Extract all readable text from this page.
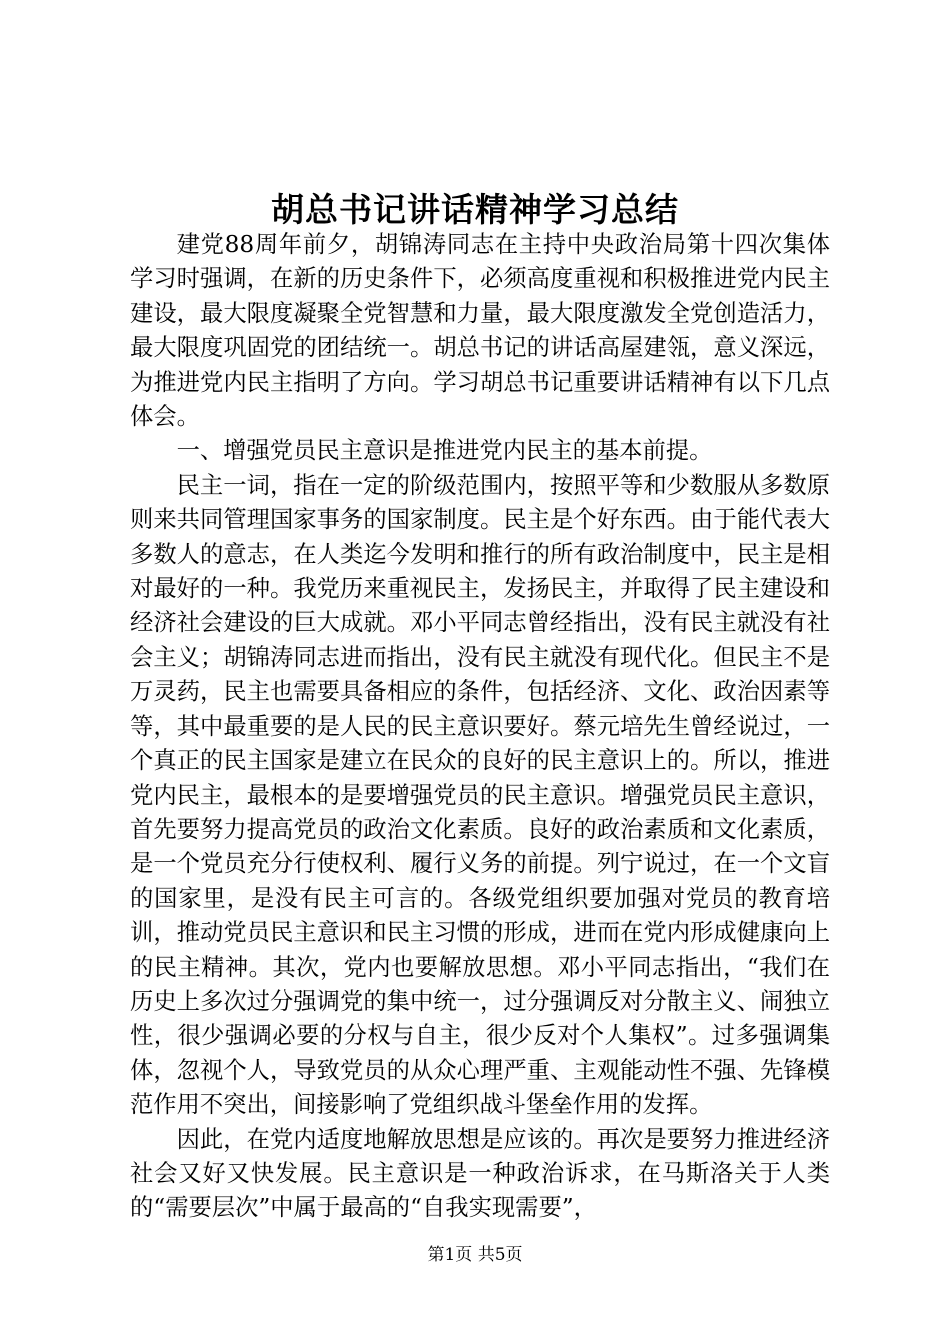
胡总书记讲话精神学习总结

建党88周年前夕，胡锦涛同志在主持中央政治局第十四次集体学习时强调，在新的历史条件下，必须高度重视和积极推进党内民主建设，最大限度凝聚全党智慧和力量，最大限度激发全党创造活力，最大限度巩固党的团结统一。胡总书记的讲话高屋建瓴，意义深远，为推进党内民主指明了方向。学习胡总书记重要讲话精神有以下几点体会。

一、增强党员民主意识是推进党内民主的基本前提。

民主一词，指在一定的阶级范围内，按照平等和少数服从多数原则来共同管理国家事务的国家制度。民主是个好东西。由于能代表大多数人的意志，在人类迄今发明和推行的所有政治制度中，民主是相对最好的一种。我党历来重视民主，发扬民主，并取得了民主建设和经济社会建设的巨大成就。邓小平同志曾经指出，没有民主就没有社会主义；胡锦涛同志进而指出，没有民主就没有现代化。但民主不是万灵药，民主也需要具备相应的条件，包括经济、文化、政治因素等等，其中最重要的是人民的民主意识要好。蔡元培先生曾经说过，一个真正的民主国家是建立在民众的良好的民主意识上的。所以，推进党内民主，最根本的是要增强党员的民主意识。增强党员民主意识，首先要努力提高党员的政治文化素质。良好的政治素质和文化素质，是一个党员充分行使权利、履行义务的前提。列宁说过，在一个文盲的国家里，是没有民主可言的。各级党组织要加强对党员的教育培训，推动党员民主意识和民主习惯的形成，进而在党内形成健康向上的民主精神。其次，党内也要解放思想。邓小平同志指出，“我们在历史上多次过分强调党的集中统一，过分强调反对分散主义、闹独立性，很少强调必要的分权与自主，很少反对个人集权”。过多强调集体，忽视个人，导致党员的从众心理严重、主观能动性不强、先锋模范作用不突出，间接影响了党组织战斗堡垒作用的发挥。

因此，在党内适度地解放思想是应该的。再次是要努力推进经济社会又好又快发展。民主意识是一种政治诉求，在马斯洛关于人类的“需要层次”中属于最高的“自我实现需要”，

第1页 共5页
